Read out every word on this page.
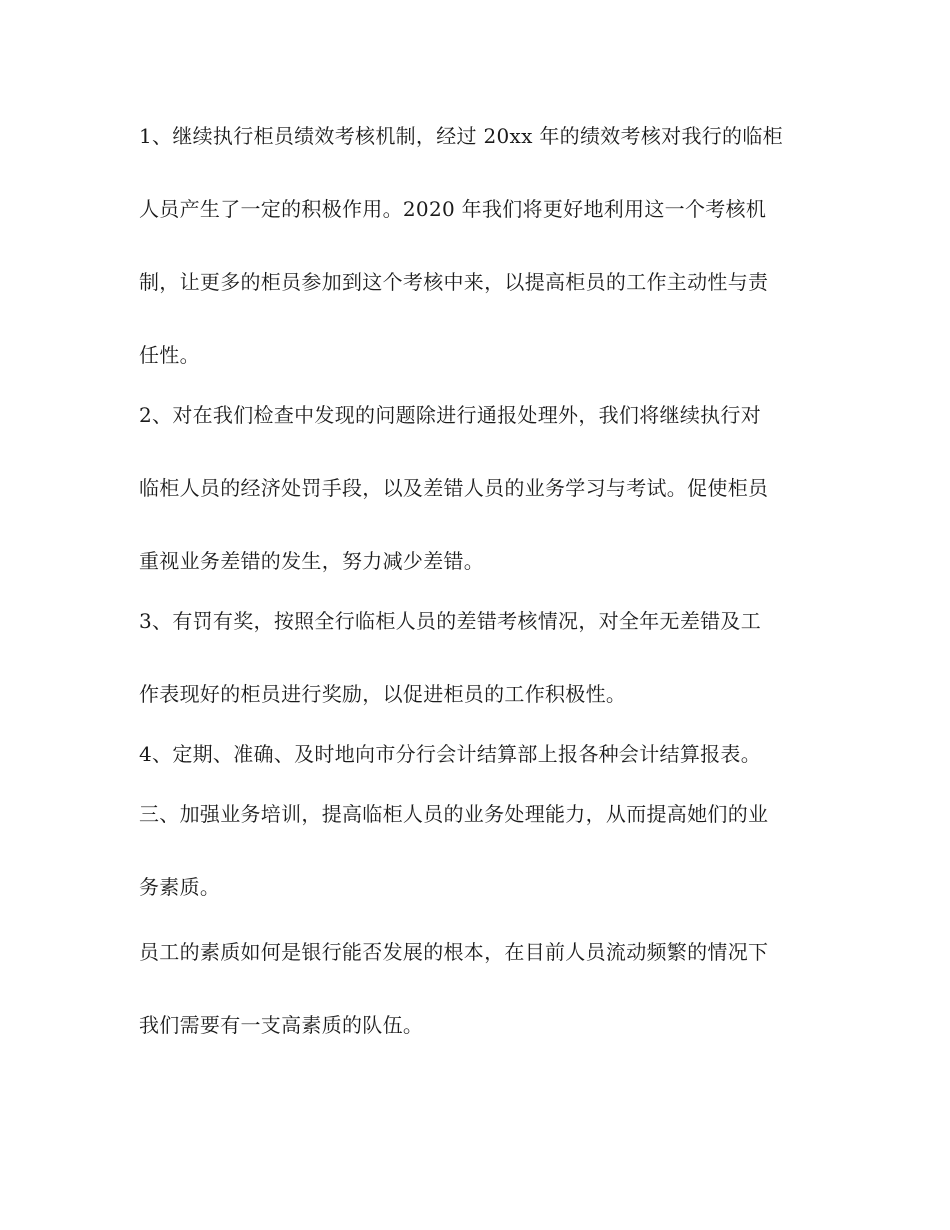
1、继续执行柜员绩效考核机制，经过 20xx 年的绩效考核对我行的临柜
人员产生了一定的积极作用。2020 年我们将更好地利用这一个考核机
制，让更多的柜员参加到这个考核中来，以提高柜员的工作主动性与责
任性。
2、对在我们检查中发现的问题除进行通报处理外，我们将继续执行对
临柜人员的经济处罚手段，以及差错人员的业务学习与考试。促使柜员
重视业务差错的发生，努力减少差错。
3、有罚有奖，按照全行临柜人员的差错考核情况，对全年无差错及工
作表现好的柜员进行奖励，以促进柜员的工作积极性。
4、定期、准确、及时地向市分行会计结算部上报各种会计结算报表。
三、加强业务培训，提高临柜人员的业务处理能力，从而提高她们的业
务素质。
员工的素质如何是银行能否发展的根本，在目前人员流动频繁的情况下
我们需要有一支高素质的队伍。
